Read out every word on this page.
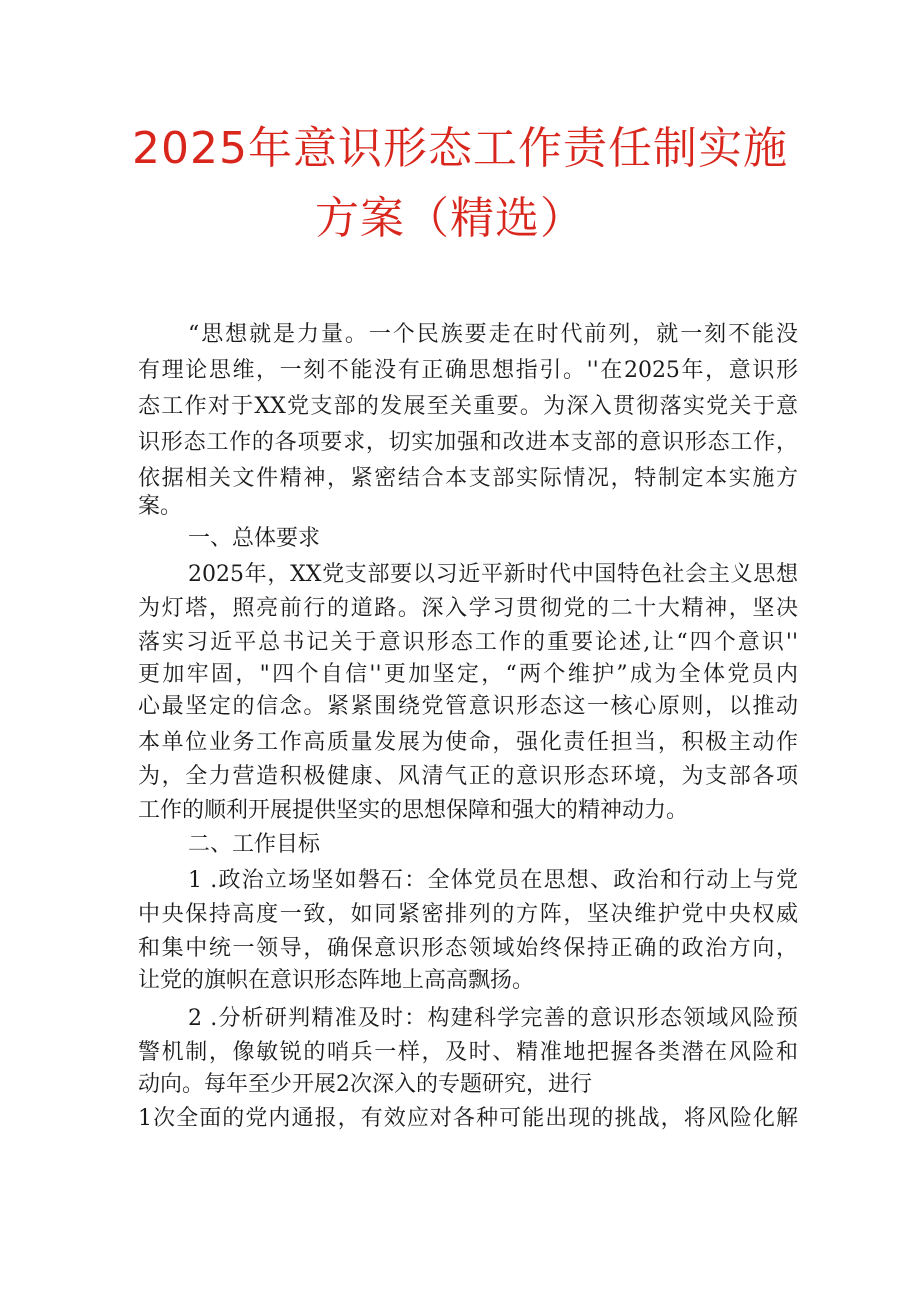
2025年意识形态工作责任制实施
方案（精选）
“思想就是力量。一个民族要走在时代前列，就一刻不能没
有理论思维，一刻不能没有正确思想指引。''在2025年，意识形
态工作对于XX党支部的发展至关重要。为深入贯彻落实党关于意
识形态工作的各项要求，切实加强和改进本支部的意识形态工作，
依据相关文件精神，紧密结合本支部实际情况，特制定本实施方
案。
一、总体要求
2025年，XX党支部要以习近平新时代中国特色社会主义思想
为灯塔，照亮前行的道路。深入学习贯彻党的二十大精神，坚决
落实习近平总书记关于意识形态工作的重要论述,让“四个意识''
更加牢固，"四个自信''更加坚定，“两个维护”成为全体党员内
心最坚定的信念。紧紧围绕党管意识形态这一核心原则，以推动
本单位业务工作高质量发展为使命，强化责任担当，积极主动作
为，全力营造积极健康、风清气正的意识形态环境，为支部各项
工作的顺利开展提供坚实的思想保障和强大的精神动力。
二、工作目标
1 .政治立场坚如磐石：全体党员在思想、政治和行动上与党
中央保持高度一致，如同紧密排列的方阵，坚决维护党中央权威
和集中统一领导，确保意识形态领域始终保持正确的政治方向，
让党的旗帜在意识形态阵地上高高飘扬。
2 .分析研判精准及时：构建科学完善的意识形态领域风险预
警机制，像敏锐的哨兵一样，及时、精准地把握各类潜在风险和
动向。每年至少开展2次深入的专题研究，进行
1次全面的党内通报，有效应对各种可能出现的挑战，将风险化解
